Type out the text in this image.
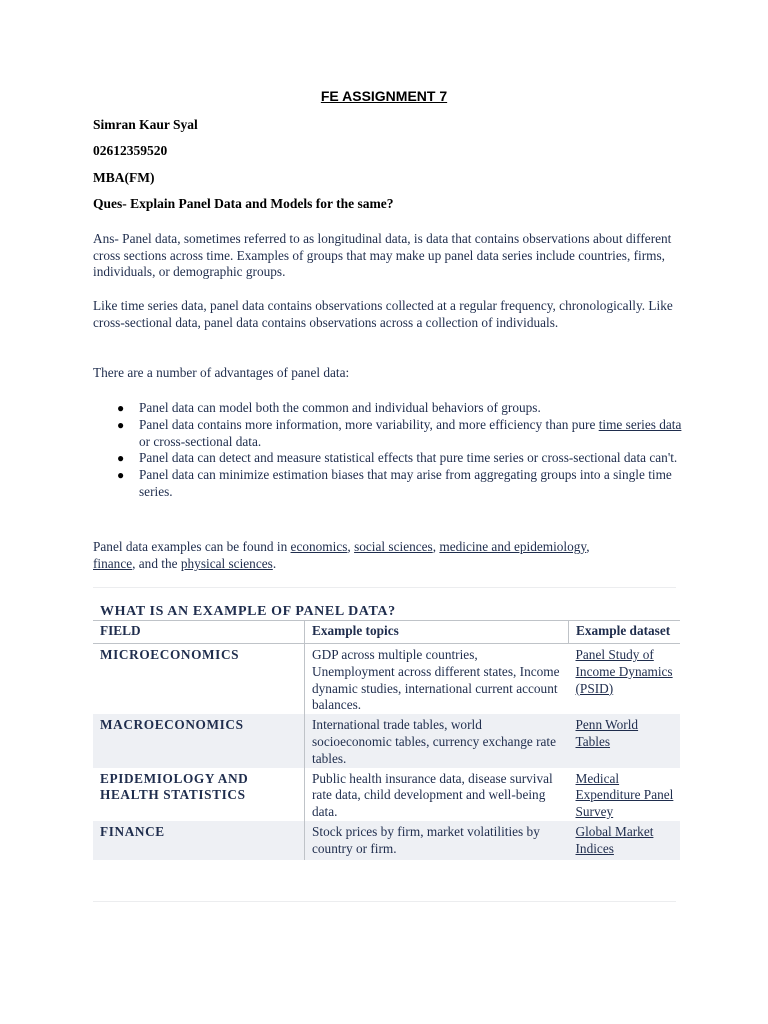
FE ASSIGNMENT 7
Simran Kaur Syal
02612359520
MBA(FM)
Ques- Explain Panel Data and Models for the same?

Ans- Panel data, sometimes referred to as longitudinal data, is data that contains observations about different cross sections across time. Examples of groups that may make up panel data series include countries, firms, individuals, or demographic groups.

Like time series data, panel data contains observations collected at a regular frequency, chronologically. Like cross-sectional data, panel data contains observations across a collection of individuals.

There are a number of advantages of panel data:

● Panel data can model both the common and individual behaviors of groups.
● Panel data contains more information, more variability, and more efficiency than pure time series data or cross-sectional data.
● Panel data can detect and measure statistical effects that pure time series or cross-sectional data can't.
● Panel data can minimize estimation biases that may arise from aggregating groups into a single time series.

Panel data examples can be found in economics, social sciences, medicine and epidemiology, finance, and the physical sciences.

WHAT IS AN EXAMPLE OF PANEL DATA?
FIELD	Example topics	Example dataset
MICROECONOMICS	GDP across multiple countries, Unemployment across different states, Income dynamic studies, international current account balances.	Panel Study of Income Dynamics (PSID)
MACROECONOMICS	International trade tables, world socioeconomic tables, currency exchange rate tables.	Penn World Tables
EPIDEMIOLOGY AND HEALTH STATISTICS	Public health insurance data, disease survival rate data, child development and well-being data.	Medical Expenditure Panel Survey
FINANCE	Stock prices by firm, market volatilities by country or firm.	Global Market Indices
